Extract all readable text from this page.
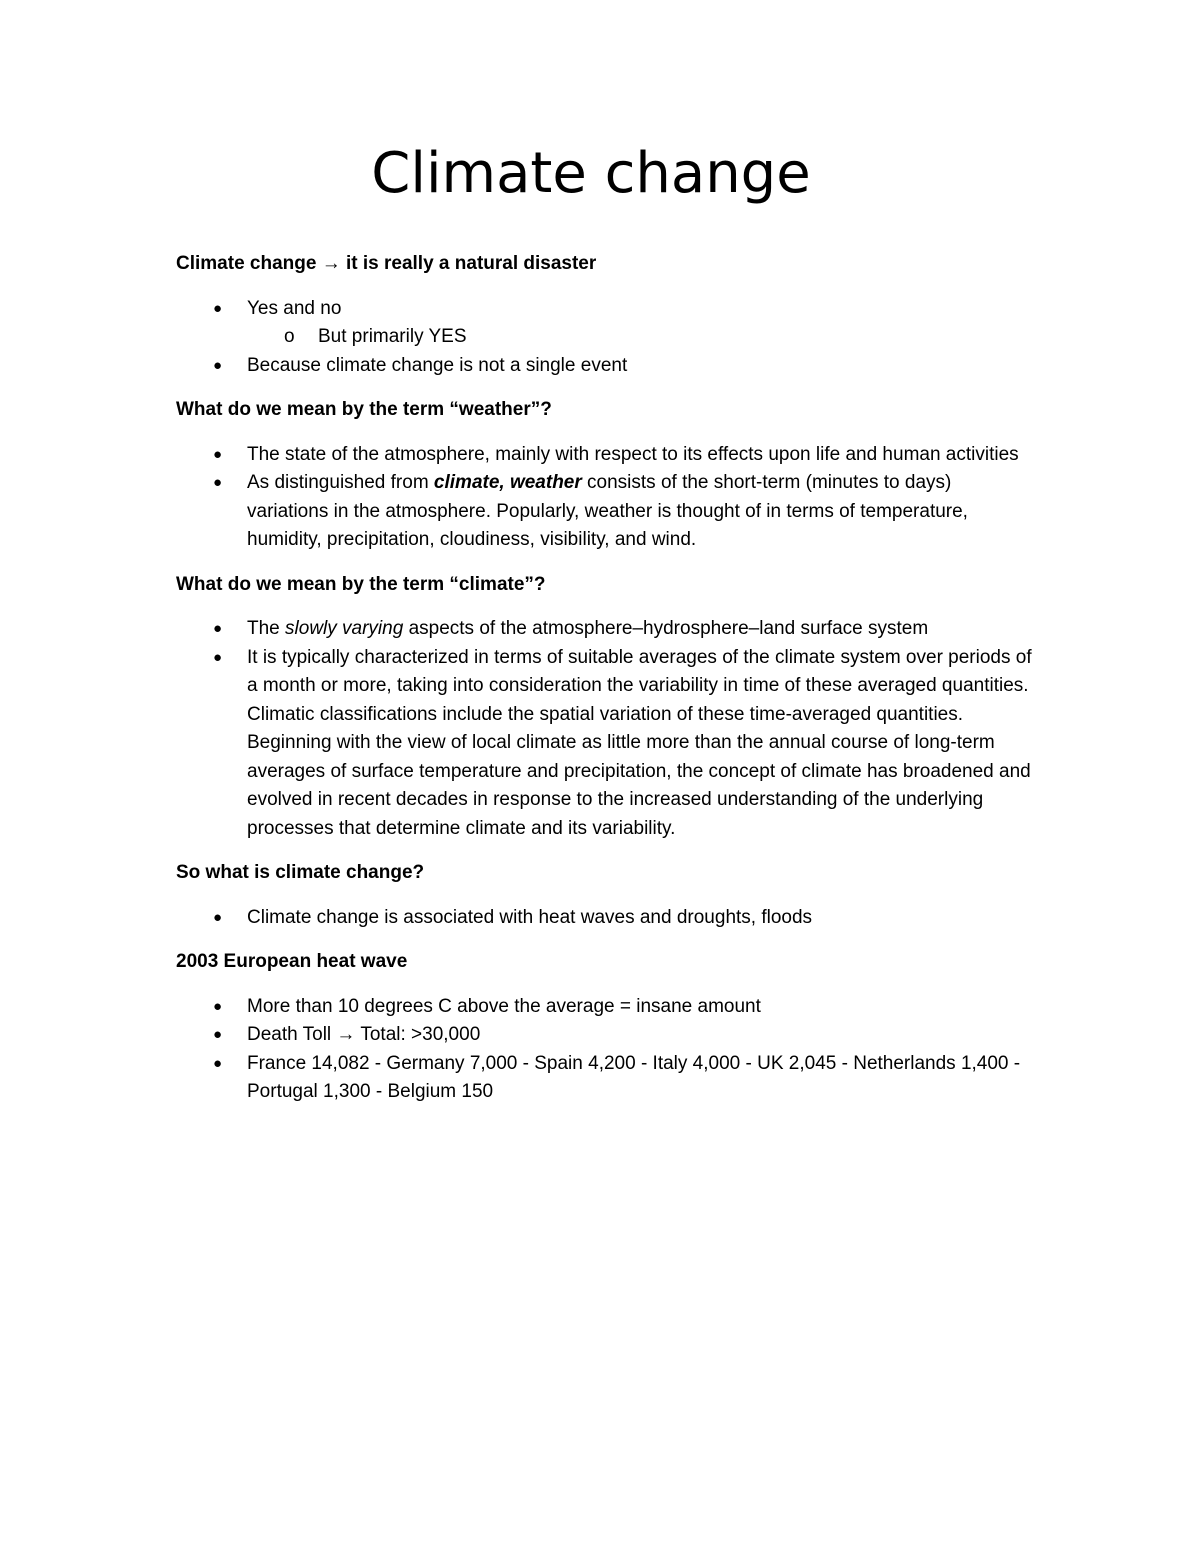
Climate change

Climate change → it is really a natural disaster

● Yes and no
o But primarily YES
● Because climate change is not a single event

What do we mean by the term “weather”?

● The state of the atmosphere, mainly with respect to its effects upon life and human activities
● As distinguished from climate, weather consists of the short-term (minutes to days) variations in the atmosphere. Popularly, weather is thought of in terms of temperature, humidity, precipitation, cloudiness, visibility, and wind.

What do we mean by the term “climate”?

● The slowly varying aspects of the atmosphere–hydrosphere–land surface system
● It is typically characterized in terms of suitable averages of the climate system over periods of a month or more, taking into consideration the variability in time of these averaged quantities. Climatic classifications include the spatial variation of these time-averaged quantities. Beginning with the view of local climate as little more than the annual course of long-term averages of surface temperature and precipitation, the concept of climate has broadened and evolved in recent decades in response to the increased understanding of the underlying processes that determine climate and its variability.

So what is climate change?

● Climate change is associated with heat waves and droughts, floods

2003 European heat wave

● More than 10 degrees C above the average = insane amount
● Death Toll → Total: >30,000
● France 14,082 - Germany 7,000 - Spain 4,200 - Italy 4,000 - UK 2,045 - Netherlands 1,400 - Portugal 1,300 - Belgium 150
